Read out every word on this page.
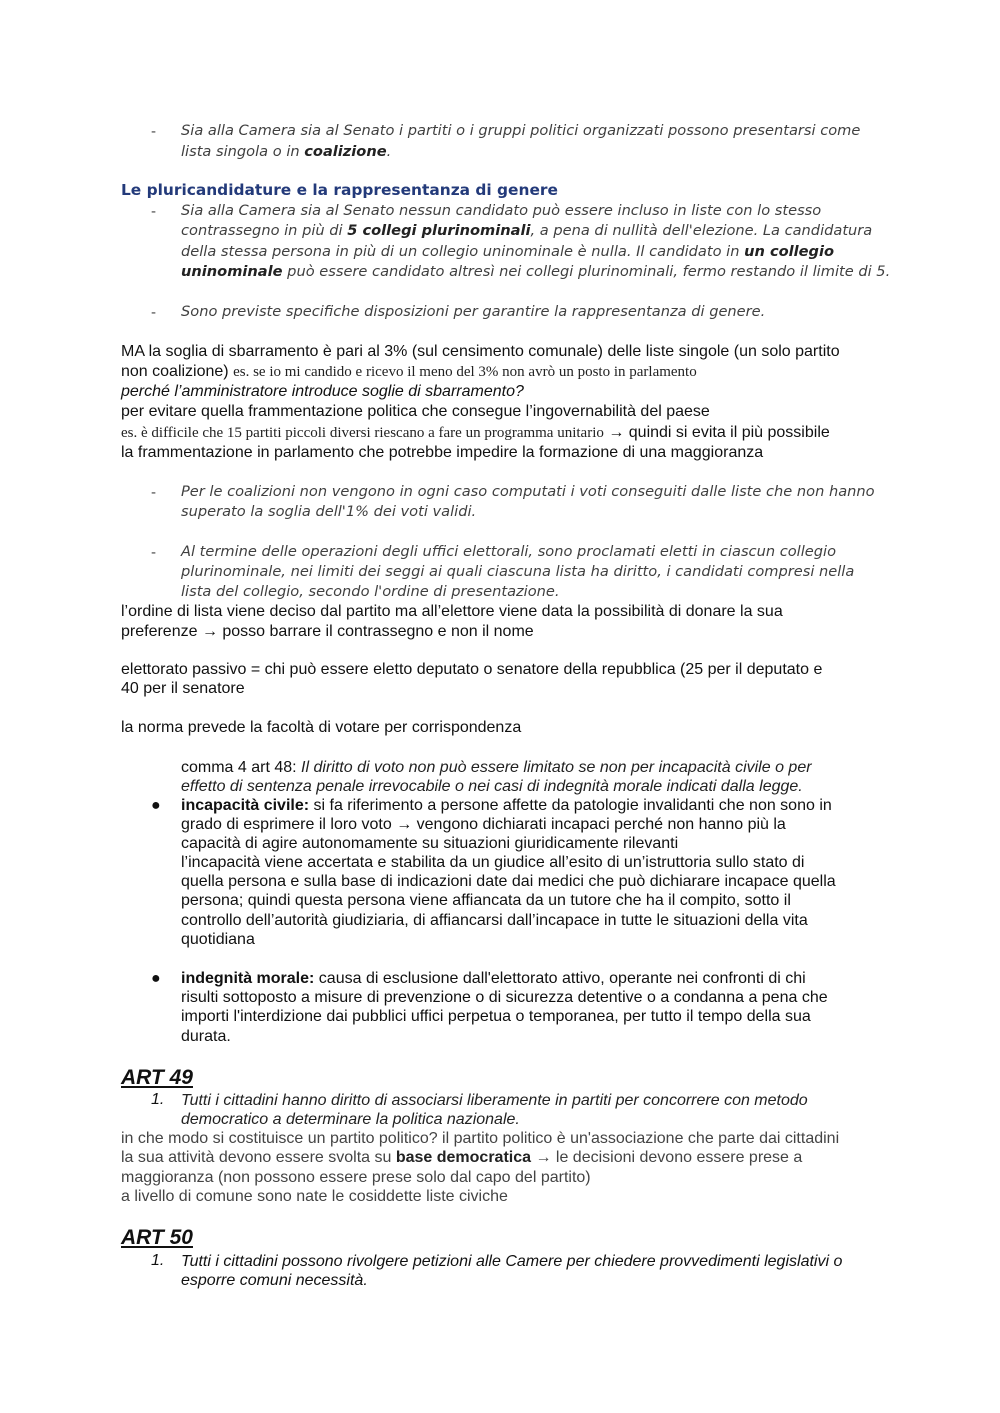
- Sia alla Camera sia al Senato i partiti o i gruppi politici organizzati possono presentarsi come
lista singola o in coalizione.
Le pluricandidature e la rappresentanza di genere
- Sia alla Camera sia al Senato nessun candidato può essere incluso in liste con lo stesso
contrassegno in più di 5 collegi plurinominali, a pena di nullità dell'elezione. La candidatura
della stessa persona in più di un collegio uninominale è nulla. Il candidato in un collegio
uninominale può essere candidato altresì nei collegi plurinominali, fermo restando il limite di 5.
- Sono previste specifiche disposizioni per garantire la rappresentanza di genere.
MA la soglia di sbarramento è pari al 3% (sul censimento comunale) delle liste singole (un solo partito
non coalizione) es. se io mi candido e ricevo il meno del 3% non avrò un posto in parlamento
perché l’amministratore introduce soglie di sbarramento?
per evitare quella frammentazione politica che consegue l’ingovernabilità del paese
es. è difficile che 15 partiti piccoli diversi riescano a fare un programma unitario → quindi si evita il più possibile
la frammentazione in parlamento che potrebbe impedire la formazione di una maggioranza
- Per le coalizioni non vengono in ogni caso computati i voti conseguiti dalle liste che non hanno
superato la soglia dell'1% dei voti validi.
- Al termine delle operazioni degli uffici elettorali, sono proclamati eletti in ciascun collegio
plurinominale, nei limiti dei seggi ai quali ciascuna lista ha diritto, i candidati compresi nella
lista del collegio, secondo l'ordine di presentazione.
l’ordine di lista viene deciso dal partito ma all’elettore viene data la possibilità di donare la sua
preferenze → posso barrare il contrassegno e non il nome
elettorato passivo = chi può essere eletto deputato o senatore della repubblica (25 per il deputato e
40 per il senatore
la norma prevede la facoltà di votare per corrispondenza
comma 4 art 48: Il diritto di voto non può essere limitato se non per incapacità civile o per
effetto di sentenza penale irrevocabile o nei casi di indegnità morale indicati dalla legge.
● incapacità civile: si fa riferimento a persone affette da patologie invalidanti che non sono in
grado di esprimere il loro voto → vengono dichiarati incapaci perché non hanno più la
capacità di agire autonomamente su situazioni giuridicamente rilevanti
l’incapacità viene accertata e stabilita da un giudice all’esito di un’istruttoria sullo stato di
quella persona e sulla base di indicazioni date dai medici che può dichiarare incapace quella
persona; quindi questa persona viene affiancata da un tutore che ha il compito, sotto il
controllo dell’autorità giudiziaria, di affiancarsi dall’incapace in tutte le situazioni della vita
quotidiana
● indegnità morale: causa di esclusione dall'elettorato attivo, operante nei confronti di chi
risulti sottoposto a misure di prevenzione o di sicurezza detentive o a condanna a pena che
importi l'interdizione dai pubblici uffici perpetua o temporanea, per tutto il tempo della sua
durata.
ART 49
1. Tutti i cittadini hanno diritto di associarsi liberamente in partiti per concorrere con metodo
democratico a determinare la politica nazionale.
in che modo si costituisce un partito politico? il partito politico è un'associazione che parte dai cittadini
la sua attività devono essere svolta su base democratica → le decisioni devono essere prese a
maggioranza (non possono essere prese solo dal capo del partito)
a livello di comune sono nate le cosiddette liste civiche
ART 50
1. Tutti i cittadini possono rivolgere petizioni alle Camere per chiedere provvedimenti legislativi o
esporre comuni necessità.
